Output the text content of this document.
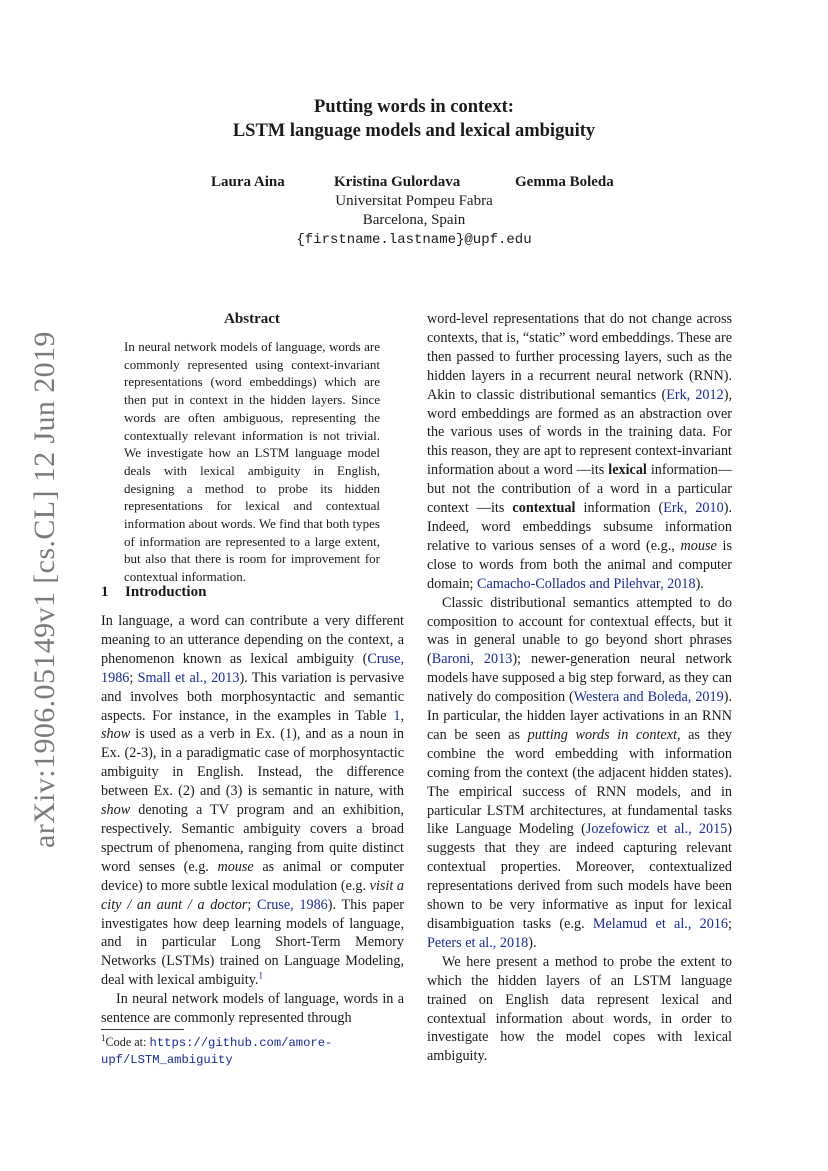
Putting words in context:
LSTM language models and lexical ambiguity
Laura Aina	Kristina Gulordava	Gemma Boleda
Universitat Pompeu Fabra
Barcelona, Spain
{firstname.lastname}@upf.edu
arXiv:1906.05149v1 [cs.CL] 12 Jun 2019
Abstract
In neural network models of language, words are commonly represented using context-invariant representations (word embeddings) which are then put in context in the hidden layers. Since words are often ambiguous, representing the contextually relevant information is not trivial. We investigate how an LSTM language model deals with lexical ambiguity in English, designing a method to probe its hidden representations for lexical and contextual information about words. We find that both types of information are represented to a large extent, but also that there is room for improvement for contextual information.
1 Introduction

In language, a word can contribute a very different meaning to an utterance depending on the context, a phenomenon known as lexical ambiguity (Cruse, 1986; Small et al., 2013). This variation is pervasive and involves both morphosyntactic and semantic aspects. For instance, in the examples in Table 1, show is used as a verb in Ex. (1), and as a noun in Ex. (2-3), in a paradigmatic case of morphosyntactic ambiguity in English. Instead, the difference between Ex. (2) and (3) is semantic in nature, with show denoting a TV program and an exhibition, respectively. Semantic ambiguity covers a broad spectrum of phenomena, ranging from quite distinct word senses (e.g. mouse as animal or computer device) to more subtle lexical modulation (e.g. visit a city / an aunt / a doctor; Cruse, 1986). This paper investigates how deep learning models of language, and in particular Long Short-Term Memory Networks (LSTMs) trained on Language Modeling, deal with lexical ambiguity.$^1$

In neural network models of language, words in a sentence are commonly represented through

$^1$Code at: https://github.com/amore-upf/LSTM_ambiguity

word-level representations that do not change across contexts, that is, “static” word embeddings. These are then passed to further processing layers, such as the hidden layers in a recurrent neural network (RNN). Akin to classic distributional semantics (Erk, 2012), word embeddings are formed as an abstraction over the various uses of words in the training data. For this reason, they are apt to represent context-invariant information about a word —its lexical information— but not the contribution of a word in a particular context —its contextual information (Erk, 2010). Indeed, word embeddings subsume information relative to various senses of a word (e.g., mouse is close to words from both the animal and computer domain; Camacho-Collados and Pilehvar, 2018).

Classic distributional semantics attempted to do composition to account for contextual effects, but it was in general unable to go beyond short phrases (Baroni, 2013); newer-generation neural network models have supposed a big step forward, as they can natively do composition (Westera and Boleda, 2019). In particular, the hidden layer activations in an RNN can be seen as putting words in context, as they combine the word embedding with information coming from the context (the adjacent hidden states). The empirical success of RNN models, and in particular LSTM architectures, at fundamental tasks like Language Modeling (Jozefowicz et al., 2015) suggests that they are indeed capturing relevant contextual properties. Moreover, contextualized representations derived from such models have been shown to be very informative as input for lexical disambiguation tasks (e.g. Melamud et al., 2016; Peters et al., 2018).

We here present a method to probe the extent to which the hidden layers of an LSTM language trained on English data represent lexical and contextual information about words, in order to investigate how the model copes with lexical ambiguity.
